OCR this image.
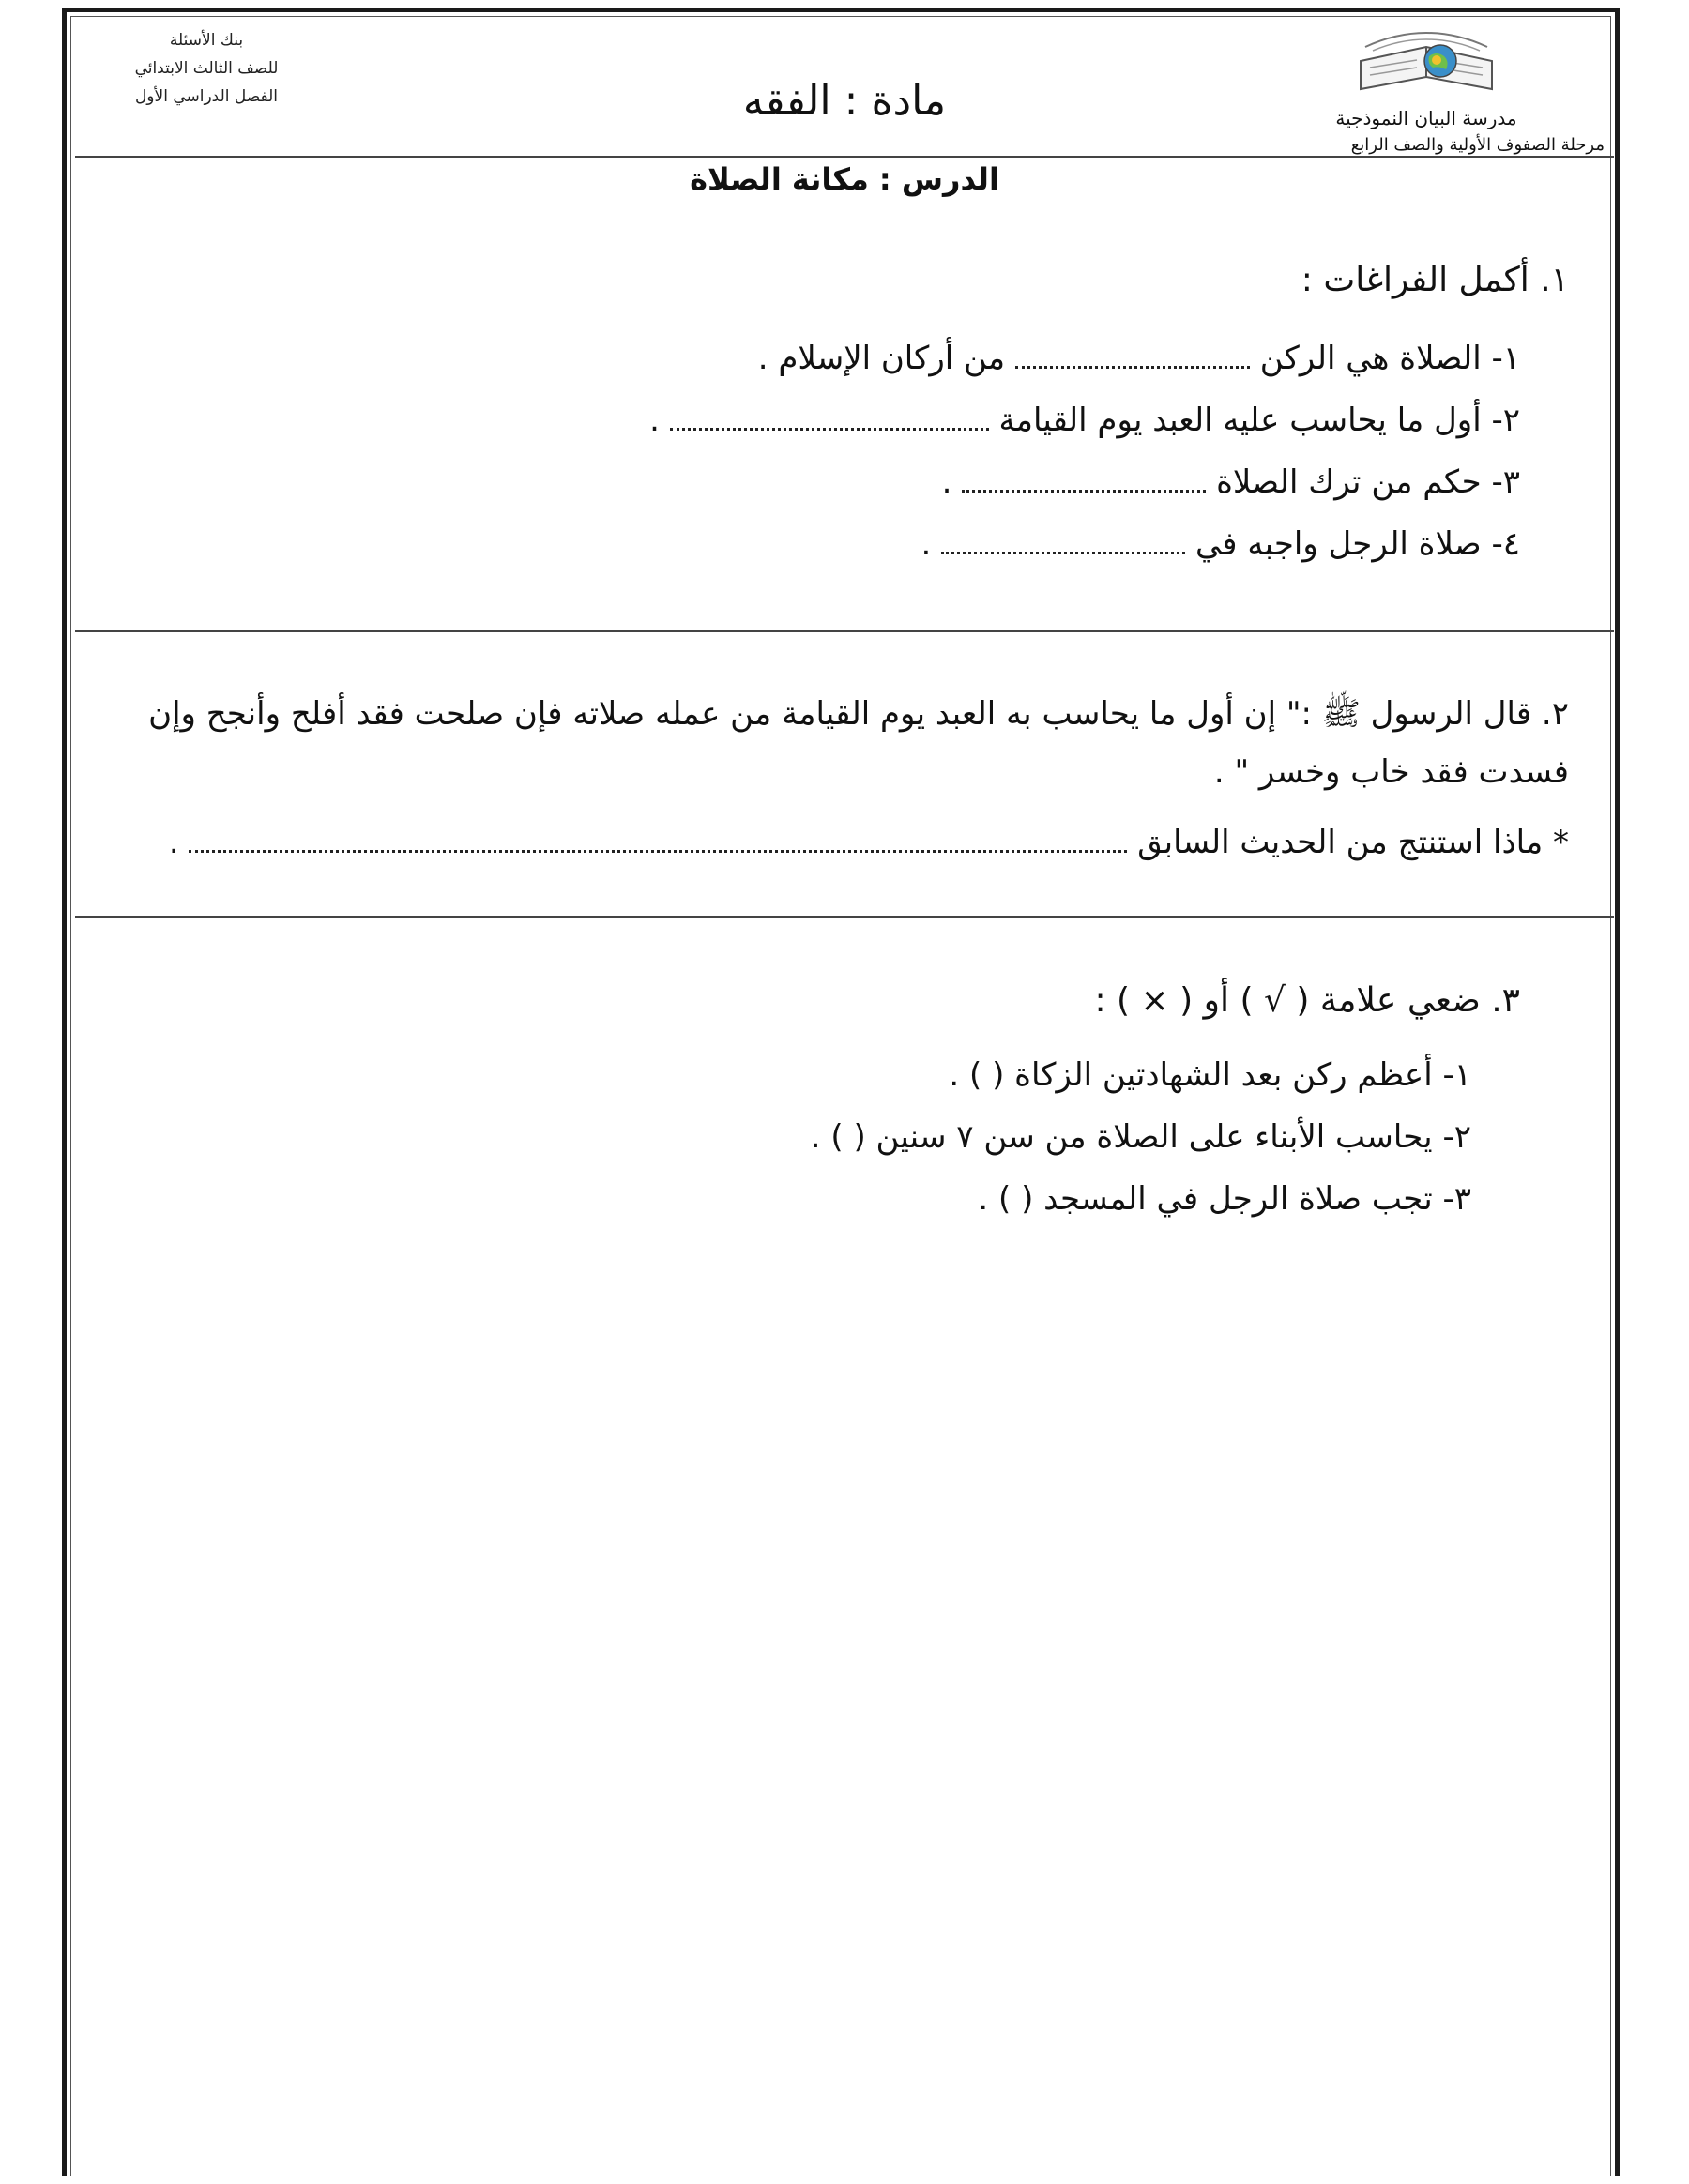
مدرسة البيان النموذجية
مرحلة الصفوف الأولية والصف الرابع
بنك الأسئلة
للصف الثالث الابتدائي
الفصل الدراسي الأول	مادة : الفقه
الدرس : مكانة الصلاة
١. أكمل الفراغات :
١- الصلاة هي الركن  من أركان الإسلام .
٢- أول ما يحاسب عليه العبد يوم القيامة  .
٣- حكم من ترك الصلاة  .
٤- صلاة الرجل واجبه في  .
٢. قال الرسول ﷺ :" إن أول ما يحاسب به العبد يوم القيامة من عمله صلاته فإن صلحت فقد أفلح وأنجح وإن فسدت فقد خاب وخسر " .
* ماذا استنتج من الحديث السابق  .
٣. ضعي علامة ( √ ) أو ( × ) :
١- أعظم ركن بعد الشهادتين الزكاة ( ) .
٢- يحاسب الأبناء على الصلاة من سن ٧ سنين ( ) .
٣- تجب صلاة الرجل في المسجد ( ) .
